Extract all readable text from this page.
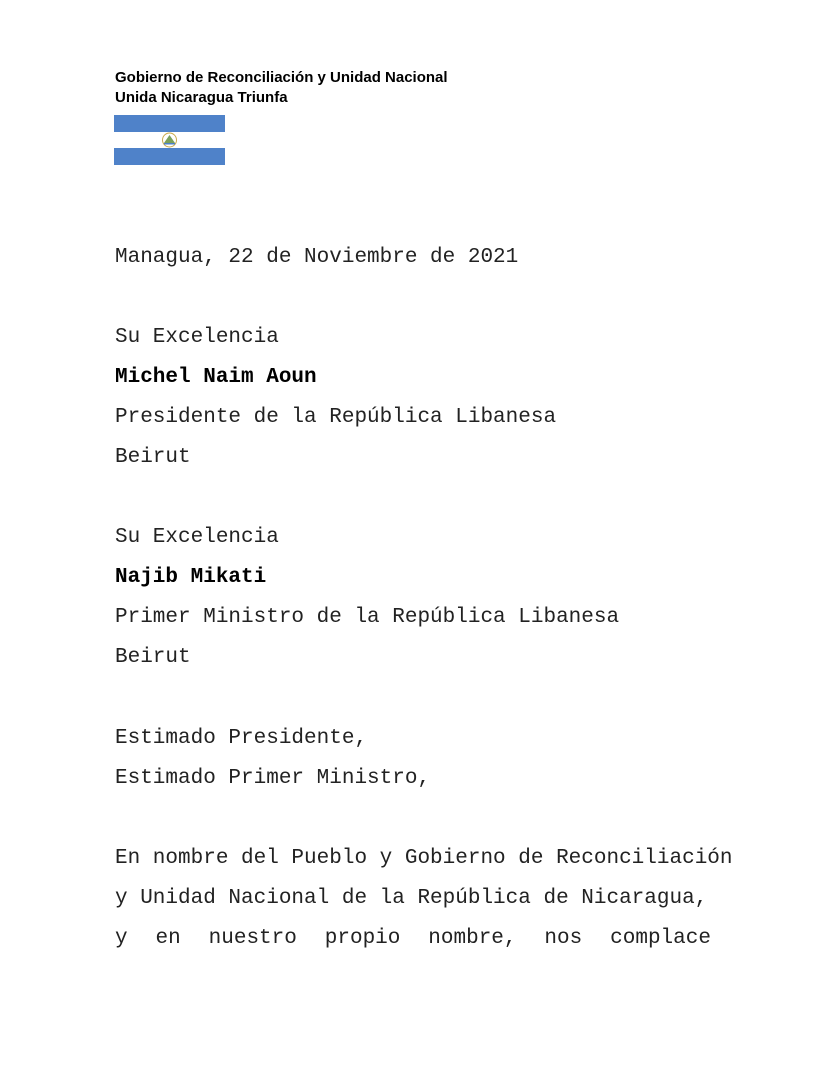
Gobierno de Reconciliación y Unidad Nacional
Unida Nicaragua Triunfa
Managua, 22 de Noviembre de 2021
Su Excelencia
Michel Naim Aoun
Presidente de la República Libanesa
Beirut
Su Excelencia
Najib Mikati
Primer Ministro de la República Libanesa
Beirut
Estimado Presidente,
Estimado Primer Ministro,
En nombre del Pueblo y Gobierno de Reconciliación
y Unidad Nacional de la República de Nicaragua,
y en nuestro propio nombre, nos complace
